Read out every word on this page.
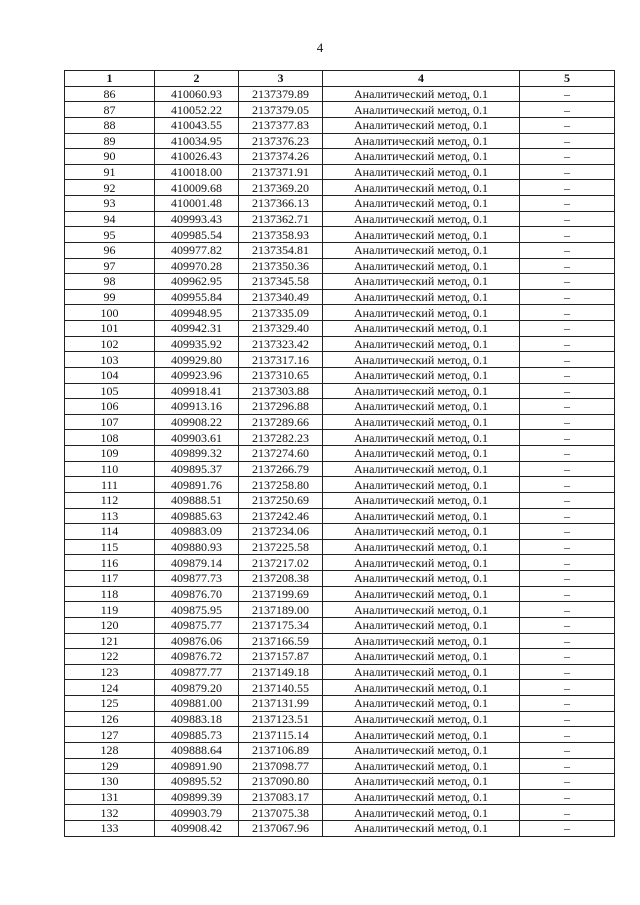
4
1	2	3	4	5
86	410060.93	2137379.89	Аналитический метод, 0.1	–
87	410052.22	2137379.05	Аналитический метод, 0.1	–
88	410043.55	2137377.83	Аналитический метод, 0.1	–
89	410034.95	2137376.23	Аналитический метод, 0.1	–
90	410026.43	2137374.26	Аналитический метод, 0.1	–
91	410018.00	2137371.91	Аналитический метод, 0.1	–
92	410009.68	2137369.20	Аналитический метод, 0.1	–
93	410001.48	2137366.13	Аналитический метод, 0.1	–
94	409993.43	2137362.71	Аналитический метод, 0.1	–
95	409985.54	2137358.93	Аналитический метод, 0.1	–
96	409977.82	2137354.81	Аналитический метод, 0.1	–
97	409970.28	2137350.36	Аналитический метод, 0.1	–
98	409962.95	2137345.58	Аналитический метод, 0.1	–
99	409955.84	2137340.49	Аналитический метод, 0.1	–
100	409948.95	2137335.09	Аналитический метод, 0.1	–
101	409942.31	2137329.40	Аналитический метод, 0.1	–
102	409935.92	2137323.42	Аналитический метод, 0.1	–
103	409929.80	2137317.16	Аналитический метод, 0.1	–
104	409923.96	2137310.65	Аналитический метод, 0.1	–
105	409918.41	2137303.88	Аналитический метод, 0.1	–
106	409913.16	2137296.88	Аналитический метод, 0.1	–
107	409908.22	2137289.66	Аналитический метод, 0.1	–
108	409903.61	2137282.23	Аналитический метод, 0.1	–
109	409899.32	2137274.60	Аналитический метод, 0.1	–
110	409895.37	2137266.79	Аналитический метод, 0.1	–
111	409891.76	2137258.80	Аналитический метод, 0.1	–
112	409888.51	2137250.69	Аналитический метод, 0.1	–
113	409885.63	2137242.46	Аналитический метод, 0.1	–
114	409883.09	2137234.06	Аналитический метод, 0.1	–
115	409880.93	2137225.58	Аналитический метод, 0.1	–
116	409879.14	2137217.02	Аналитический метод, 0.1	–
117	409877.73	2137208.38	Аналитический метод, 0.1	–
118	409876.70	2137199.69	Аналитический метод, 0.1	–
119	409875.95	2137189.00	Аналитический метод, 0.1	–
120	409875.77	2137175.34	Аналитический метод, 0.1	–
121	409876.06	2137166.59	Аналитический метод, 0.1	–
122	409876.72	2137157.87	Аналитический метод, 0.1	–
123	409877.77	2137149.18	Аналитический метод, 0.1	–
124	409879.20	2137140.55	Аналитический метод, 0.1	–
125	409881.00	2137131.99	Аналитический метод, 0.1	–
126	409883.18	2137123.51	Аналитический метод, 0.1	–
127	409885.73	2137115.14	Аналитический метод, 0.1	–
128	409888.64	2137106.89	Аналитический метод, 0.1	–
129	409891.90	2137098.77	Аналитический метод, 0.1	–
130	409895.52	2137090.80	Аналитический метод, 0.1	–
131	409899.39	2137083.17	Аналитический метод, 0.1	–
132	409903.79	2137075.38	Аналитический метод, 0.1	–
133	409908.42	2137067.96	Аналитический метод, 0.1	–
